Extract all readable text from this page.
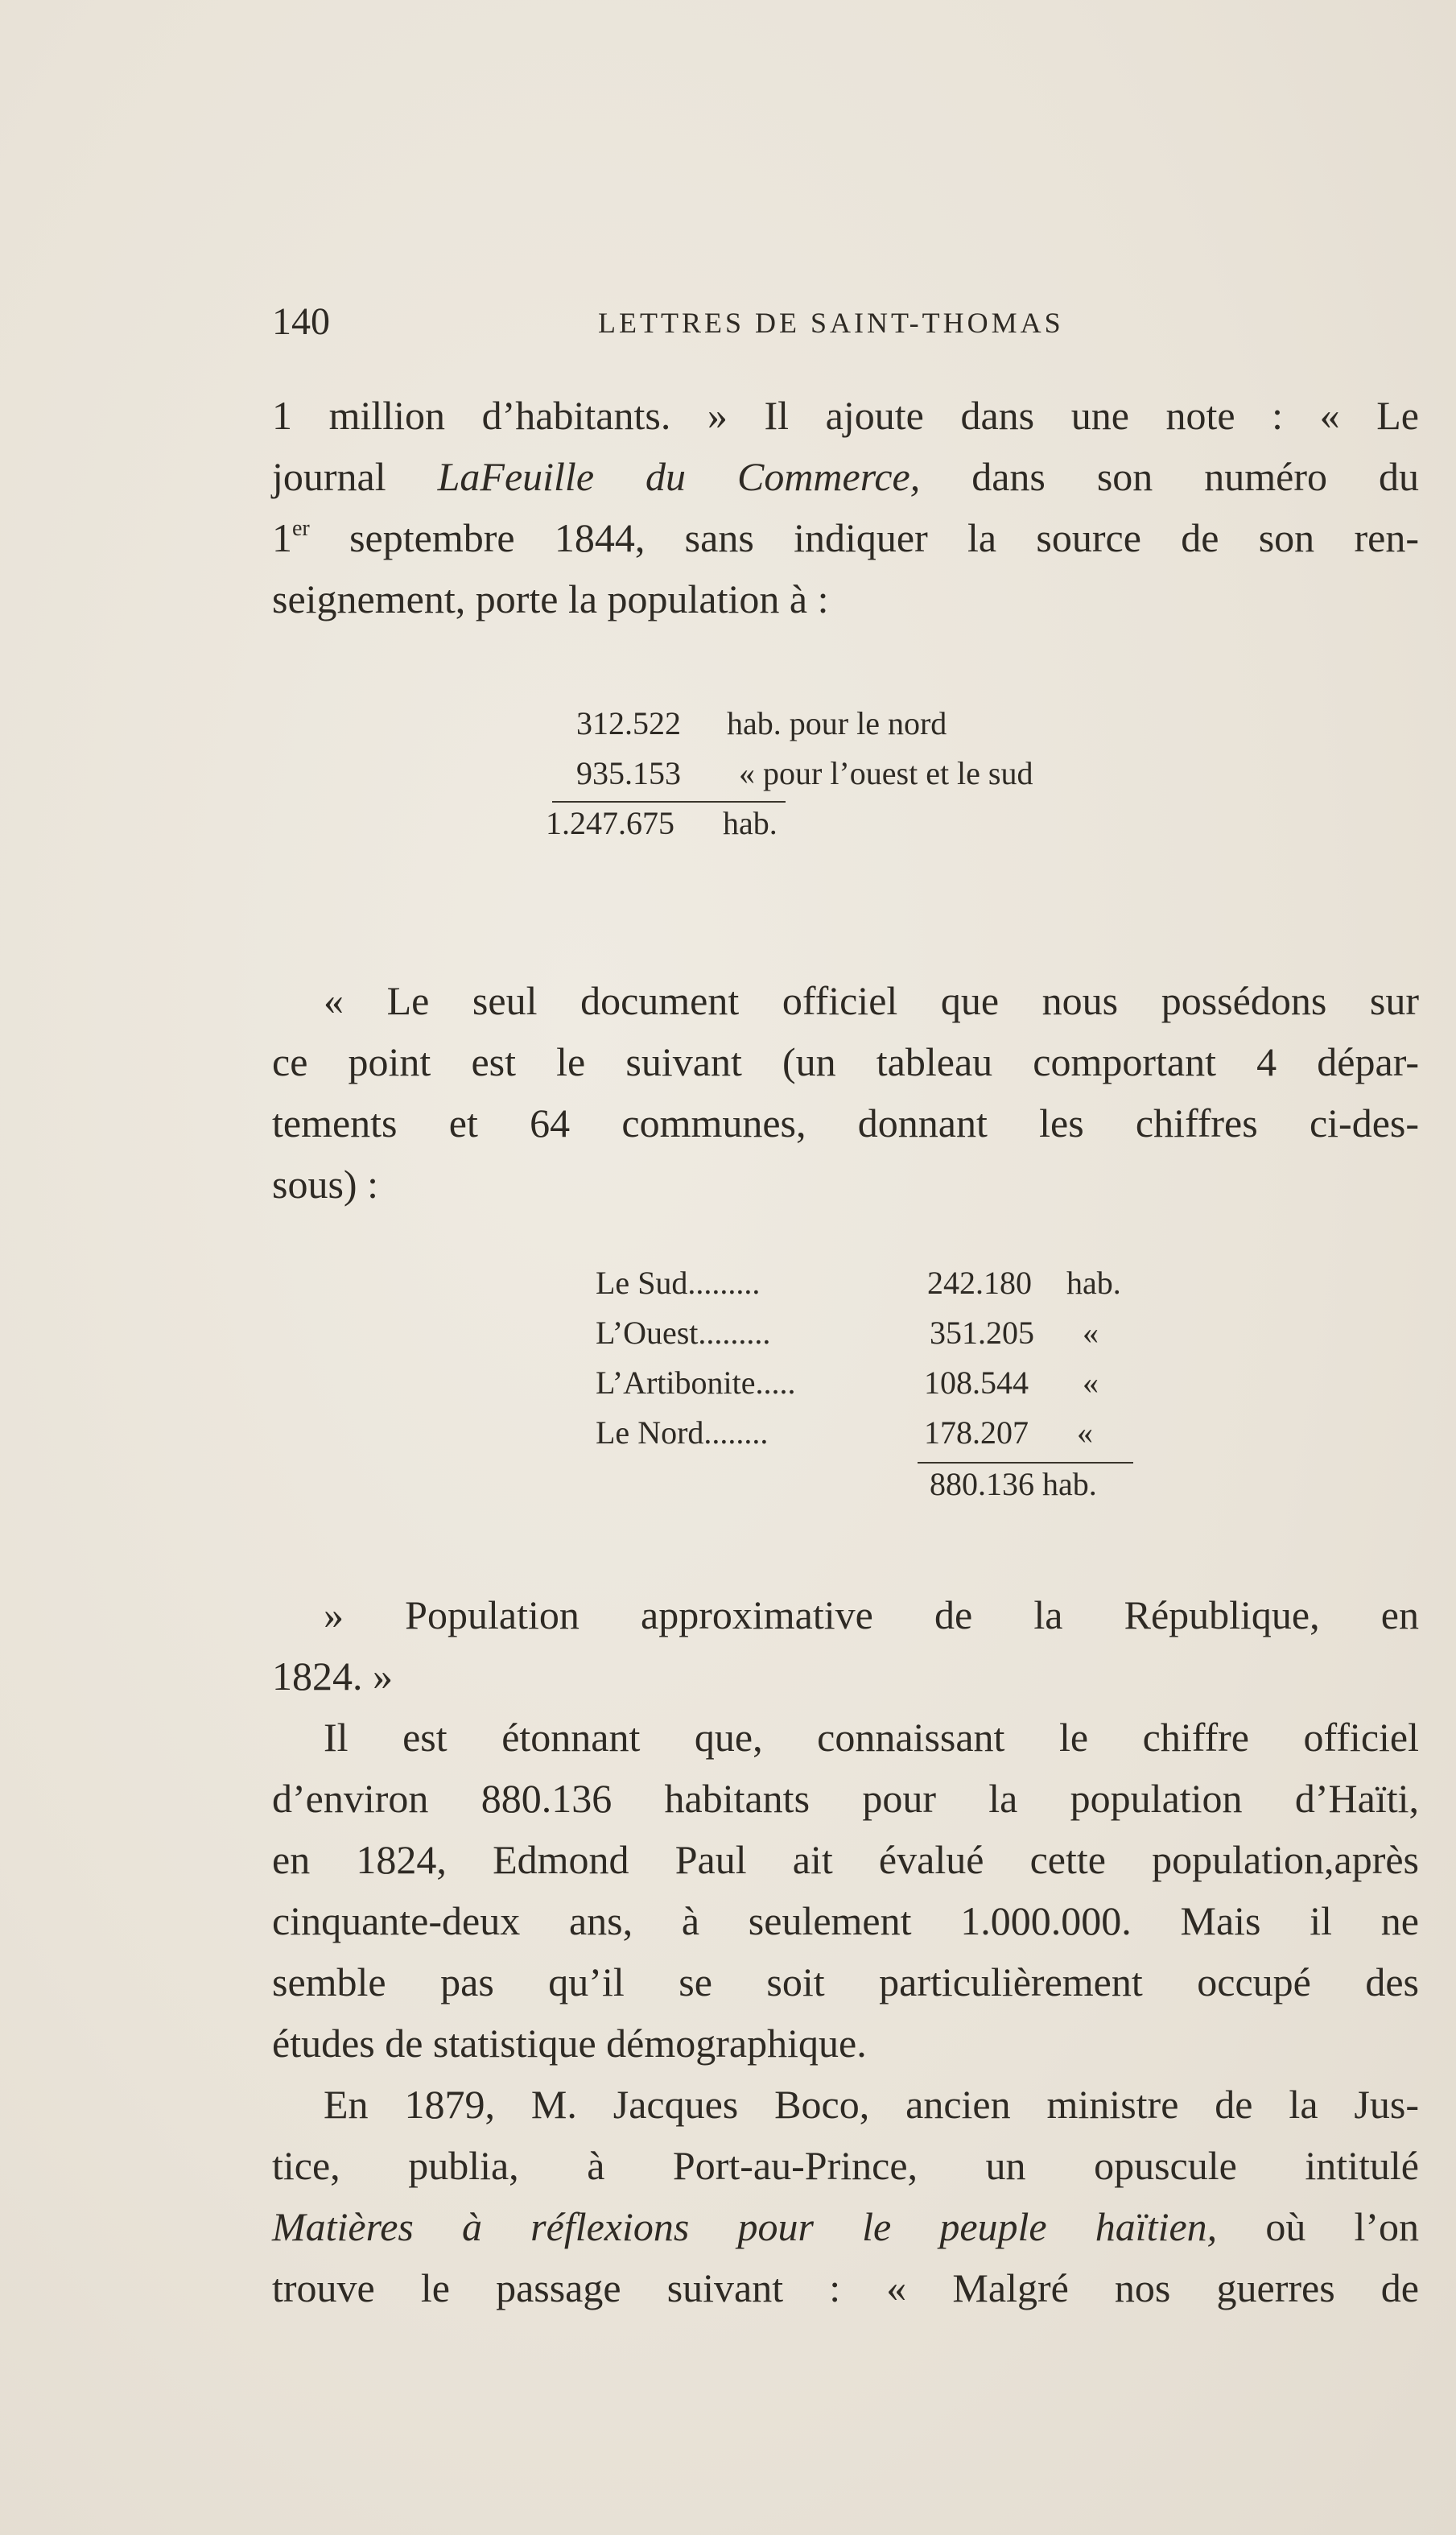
140	LETTRES DE SAINT-THOMAS
1 million d’habitants. » Il ajoute dans une note : « Le
journal LaFeuille du Commerce, dans son numéro du
1er septembre 1844, sans indiquer la source de son ren-
seignement, porte la population à :
312.522 hab. pour le nord
935.153 « pour l’ouest et le sud
1.247.675 hab.
« Le seul document officiel que nous possédons sur
ce point est le suivant (un tableau comportant 4 dépar-
tements et 64 communes, donnant les chiffres ci-des-
sous) :
Le Sud.........	242.180 hab.
L’Ouest.........	351.205 «
L’Artibonite.....	108.544 «
Le Nord........	178.207 «
880.136 hab.
» Population approximative de la République, en
1824. »
Il est étonnant que, connaissant le chiffre officiel
d’environ 880.136 habitants pour la population d’Haïti,
en 1824, Edmond Paul ait évalué cette population,après
cinquante-deux ans, à seulement 1.000.000. Mais il ne
semble pas qu’il se soit particulièrement occupé des
études de statistique démographique.
En 1879, M. Jacques Boco, ancien ministre de la Jus-
tice, publia, à Port-au-Prince, un opuscule intitulé
Matières à réflexions pour le peuple haïtien, où l’on
trouve le passage suivant : « Malgré nos guerres de
